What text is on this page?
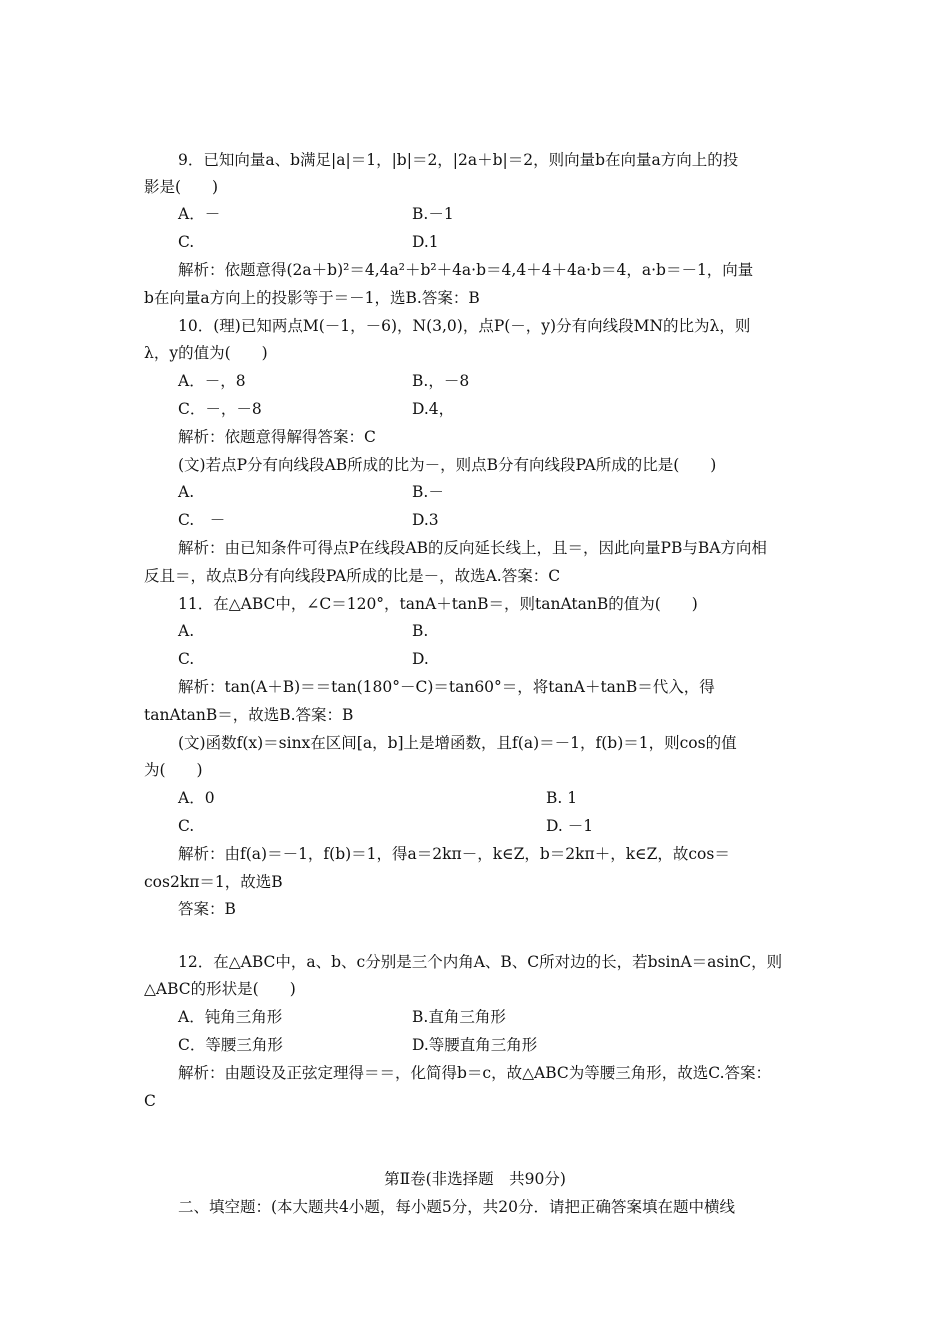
9．已知向量a、b满足|a|＝1，|b|＝2，|2a＋b|＝2，则向量b在向量a方向上的投
影是(　　)
A．－	B.－1
C.	D.1
解析：依题意得(2a＋b)²＝4,4a²＋b²＋4a·b＝4,4＋4＋4a·b＝4，a·b＝－1，向量
b在向量a方向上的投影等于＝－1，选B.答案：B
10．(理)已知两点M(－1，－6)，N(3,0)，点P(－，y)分有向线段MN的比为λ，则
λ，y的值为(　　)
A．－，8	B.，－8
C．－，－8	D.4，
解析：依题意得解得答案：C
(文)若点P分有向线段AB所成的比为－，则点B分有向线段PA所成的比是(　　)
A.	B.－
C.　－	D.3
解析：由已知条件可得点P在线段AB的反向延长线上，且＝，因此向量PB与BA方向相
反且＝，故点B分有向线段PA所成的比是－，故选A.答案：C
11．在△ABC中，∠C＝120°，tanA＋tanB＝，则tanAtanB的值为(　　)
A.	B.
C.	D.
解析：tan(A＋B)＝＝tan(180°－C)＝tan60°＝，将tanA＋tanB＝代入，得
tanAtanB＝，故选B.答案：B
(文)函数f(x)＝sinx在区间[a，b]上是增函数，且f(a)＝－1，f(b)＝1，则cos的值
为(　　)
A．0	B. 1
C.	D. －1
解析：由f(a)＝－1，f(b)＝1，得a＝2kπ－，k∈Z，b＝2kπ＋，k∈Z，故cos＝
cos2kπ＝1，故选B
答案：B
12．在△ABC中，a、b、c分别是三个内角A、B、C所对边的长，若bsinA＝asinC，则
△ABC的形状是(　　)
A．钝角三角形	B.直角三角形
C．等腰三角形	D.等腰直角三角形
解析：由题设及正弦定理得＝＝，化简得b＝c，故△ABC为等腰三角形，故选C.答案：
C
第Ⅱ卷(非选择题　共90分)
二、填空题：(本大题共4小题，每小题5分，共20分．请把正确答案填在题中横线
